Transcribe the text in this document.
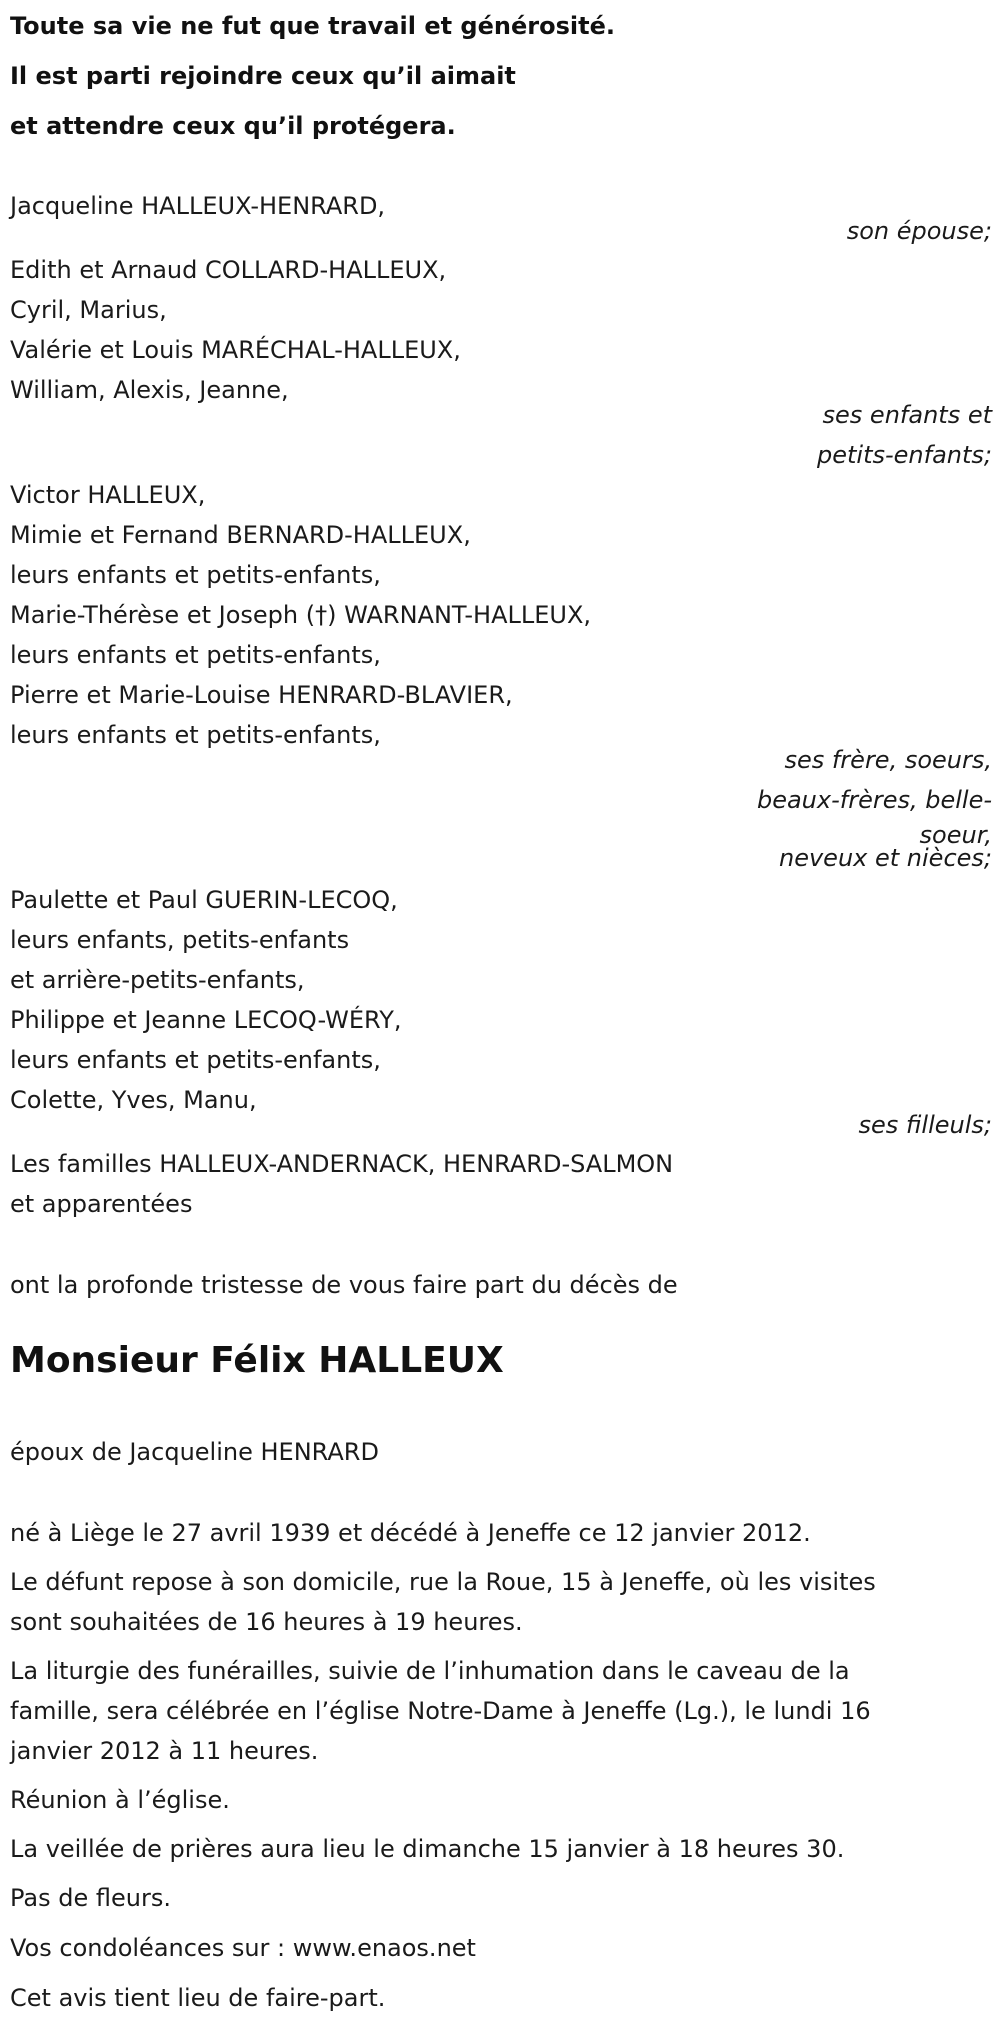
Toute sa vie ne fut que travail et générosité.
Il est parti rejoindre ceux qu’il aimait
et attendre ceux qu’il protégera.
Jacqueline HALLEUX-HENRARD,
son épouse;
Edith et Arnaud COLLARD-HALLEUX,
Cyril, Marius,
Valérie et Louis MARÉCHAL-HALLEUX,
William, Alexis, Jeanne,
ses enfants et
petits-enfants;
Victor HALLEUX,
Mimie et Fernand BERNARD-HALLEUX,
leurs enfants et petits-enfants,
Marie-Thérèse et Joseph (†) WARNANT-HALLEUX,
leurs enfants et petits-enfants,
Pierre et Marie-Louise HENRARD-BLAVIER,
leurs enfants et petits-enfants,
ses frère, soeurs,
beaux-frères, belle-
soeur,
neveux et nièces;
Paulette et Paul GUERIN-LECOQ,
leurs enfants, petits-enfants
et arrière-petits-enfants,
Philippe et Jeanne LECOQ-WÉRY,
leurs enfants et petits-enfants,
Colette, Yves, Manu,
ses filleuls;
Les familles HALLEUX-ANDERNACK, HENRARD-SALMON
et apparentées
ont la profonde tristesse de vous faire part du décès de
Monsieur Félix HALLEUX
époux de Jacqueline HENRARD
né à Liège le 27 avril 1939 et décédé à Jeneffe ce 12 janvier 2012.
Le défunt repose à son domicile, rue la Roue, 15 à Jeneffe, où les visites
sont souhaitées de 16 heures à 19 heures.
La liturgie des funérailles, suivie de l’inhumation dans le caveau de la
famille, sera célébrée en l’église Notre-Dame à Jeneffe (Lg.), le lundi 16
janvier 2012 à 11 heures.
Réunion à l’église.
La veillée de prières aura lieu le dimanche 15 janvier à 18 heures 30.
Pas de fleurs.
Vos condoléances sur : www.enaos.net
Cet avis tient lieu de faire-part.
